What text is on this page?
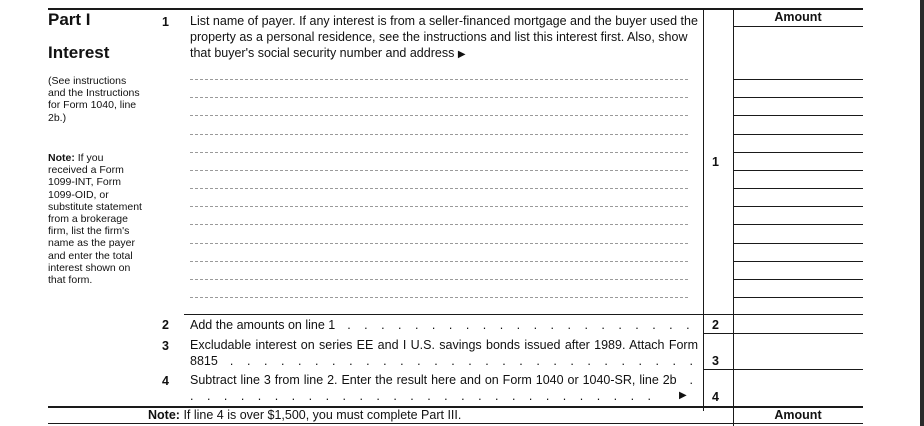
Part I
Interest
(See instructions and the Instructions for Form 1040, line 2b.)
Note: If you received a Form 1099-INT, Form 1099-OID, or substitute statement from a brokerage firm, list the firm's name as the payer and enter the total interest shown on that form.
Amount
1 List name of payer. If any interest is from a seller-financed mortgage and the buyer used the property as a personal residence, see the instructions and list this interest first. Also, show that buyer's social security number and address ▶
1
2 Add the amounts on line 1  . . . . . . . . . . . . . . . . . . . . .	2
3 Excludable interest on series EE and I U.S. savings bonds issued after 1989. Attach Form 8815  . . . . . . . . . . . . . . . . . . . . . . . . . . . . 3
4 Subtract line 3 from line 2. Enter the result here and on Form 1040 or 1040-SR, line 2b  . . . . . . . . . . . . . . . . . . . . . . . . . . . . .	▶ 4
Note: If line 4 is over $1,500, you must complete Part III.	Amount
